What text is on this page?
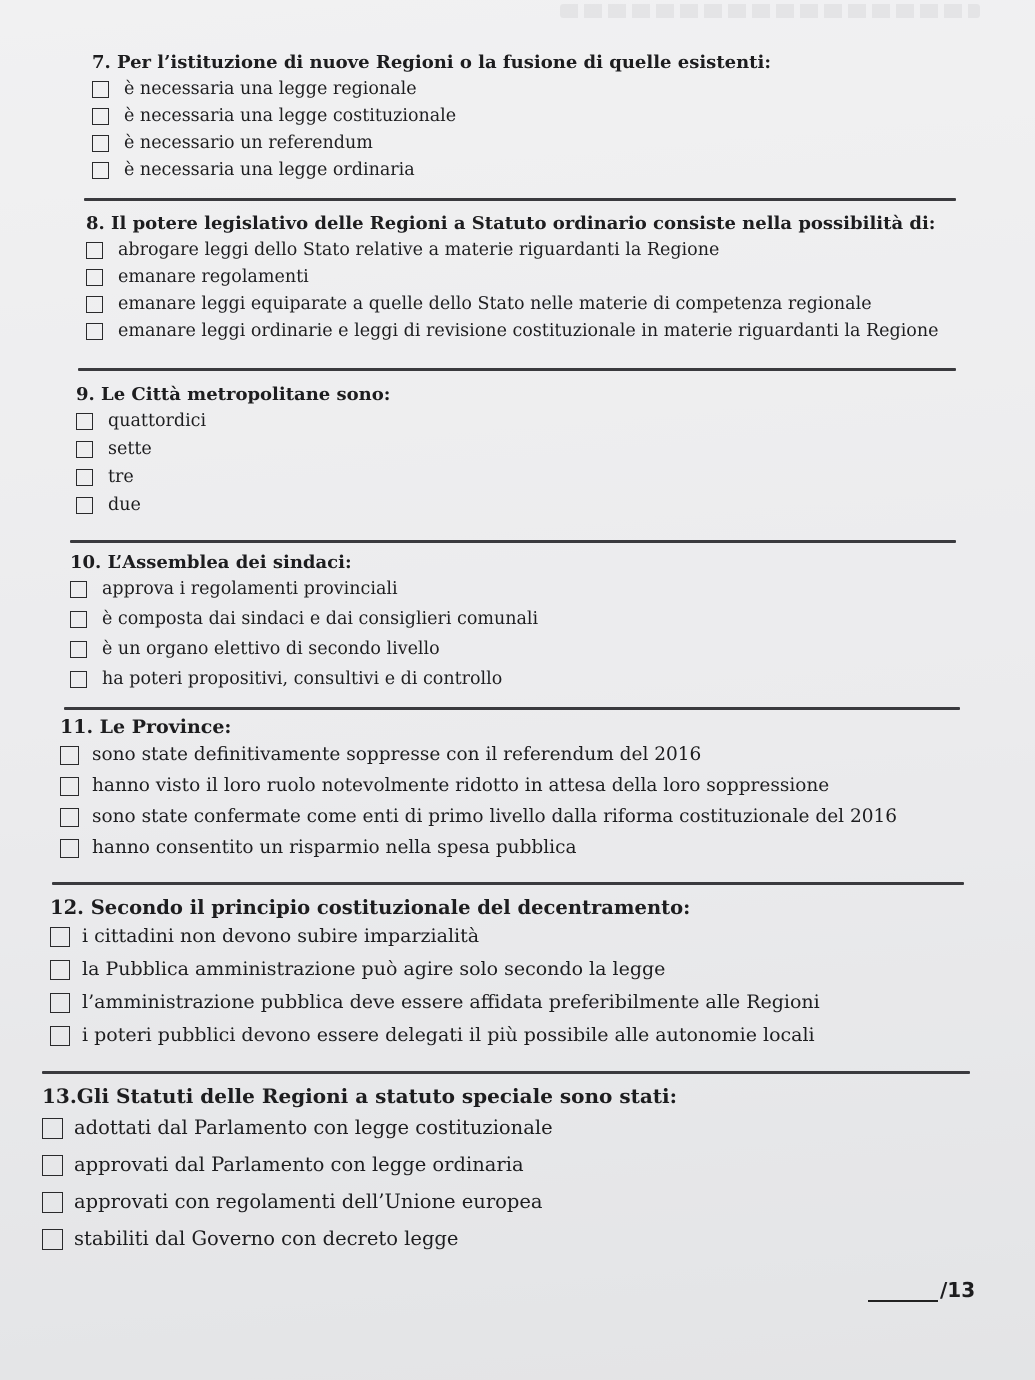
7. Per l’istituzione di nuove Regioni o la fusione di quelle esistenti:
è necessaria una legge regionale
è necessaria una legge costituzionale
è necessario un referendum
è necessaria una legge ordinaria
8. Il potere legislativo delle Regioni a Statuto ordinario consiste nella possibilità di:
abrogare leggi dello Stato relative a materie riguardanti la Regione
emanare regolamenti
emanare leggi equiparate a quelle dello Stato nelle materie di competenza regionale
emanare leggi ordinarie e leggi di revisione costituzionale in materie riguardanti la Regione
9. Le Città metropolitane sono:
quattordici
sette
tre
due
10. L’Assemblea dei sindaci:
approva i regolamenti provinciali
è composta dai sindaci e dai consiglieri comunali
è un organo elettivo di secondo livello
ha poteri propositivi, consultivi e di controllo
11. Le Province:
sono state definitivamente soppresse con il referendum del 2016
hanno visto il loro ruolo notevolmente ridotto in attesa della loro soppressione
sono state confermate come enti di primo livello dalla riforma costituzionale del 2016
hanno consentito un risparmio nella spesa pubblica
12. Secondo il principio costituzionale del decentramento:
i cittadini non devono subire imparzialità
la Pubblica amministrazione può agire solo secondo la legge
l’amministrazione pubblica deve essere affidata preferibilmente alle Regioni
i poteri pubblici devono essere delegati il più possibile alle autonomie locali
13.Gli Statuti delle Regioni a statuto speciale sono stati:
adottati dal Parlamento con legge costituzionale
approvati dal Parlamento con legge ordinaria
approvati con regolamenti dell’Unione europea
stabiliti dal Governo con decreto legge
/13
